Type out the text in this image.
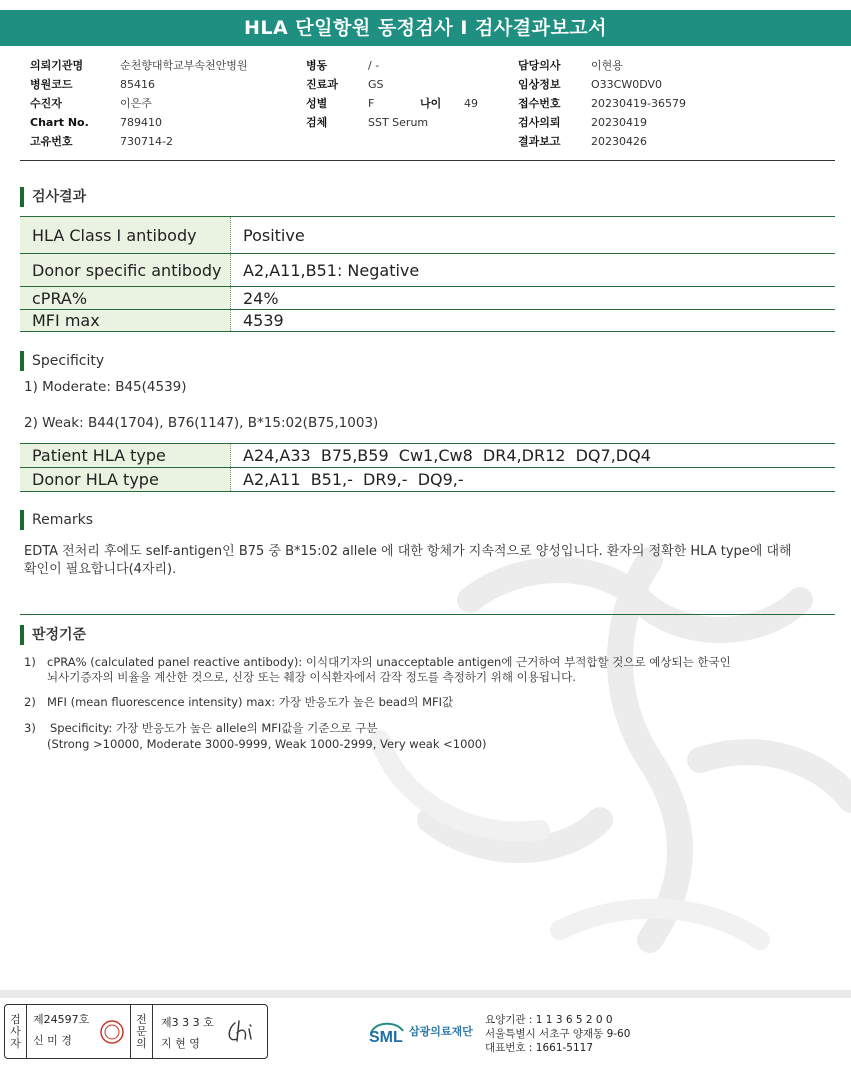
HLA 단일항원 동정검사 I 검사결과보고서
의뢰기관명	순천향대학교부속천안병원
병원코드	85416
수진자	이은주
Chart No.	789410
고유번호	730714-2
병동	/ -
진료과	GS
성별	F	나이	49
검체	SST Serum
담당의사	이현용
임상정보	O33CW0DV0
접수번호	20230419-36579
검사의뢰	20230419
결과보고	20230426
검사결과
HLA Class I antibody	Positive
Donor specific antibody	A2,A11,B51: Negative
cPRA%	24%
MFI max	4539
Specificity
1) Moderate: B45(4539)
2) Weak: B44(1704), B76(1147), B*15:02(B75,1003)
Patient HLA type	A24,A33  B75,B59  Cw1,Cw8  DR4,DR12  DQ7,DQ4
Donor HLA type	A2,A11  B51,-  DR9,-  DQ9,-
Remarks
EDTA 전처리 후에도 self-antigen인 B75 중 B*15:02 allele 에 대한 항체가 지속적으로 양성입니다. 환자의 정확한 HLA type에 대해
확인이 필요합니다(4자리).
판정기준
1) cPRA% (calculated panel reactive antibody): 이식대기자의 unacceptable antigen에 근거하여 부적합할 것으로 예상되는 한국인
뇌사기증자의 비율을 계산한 것으로, 신장 또는 췌장 이식환자에서 감작 정도를 측정하기 위해 이용됩니다.
2) MFI (mean fluorescence intensity) max: 가장 반응도가 높은 bead의 MFI값
3) Specificity: 가장 반응도가 높은 allele의 MFI값을 기준으로 구분
(Strong >10000, Moderate 3000-9999, Weak 1000-2999, Very weak <1000)
검
사
자
제24597호
신 미 경
전
문
의
제3 3 3 호
지 현 영	SML 삼광의료재단
요양기관 : 1 1 3 6 5 2 0 0
서울특별시 서초구 양재동 9-60
대표번호 : 1661-5117
